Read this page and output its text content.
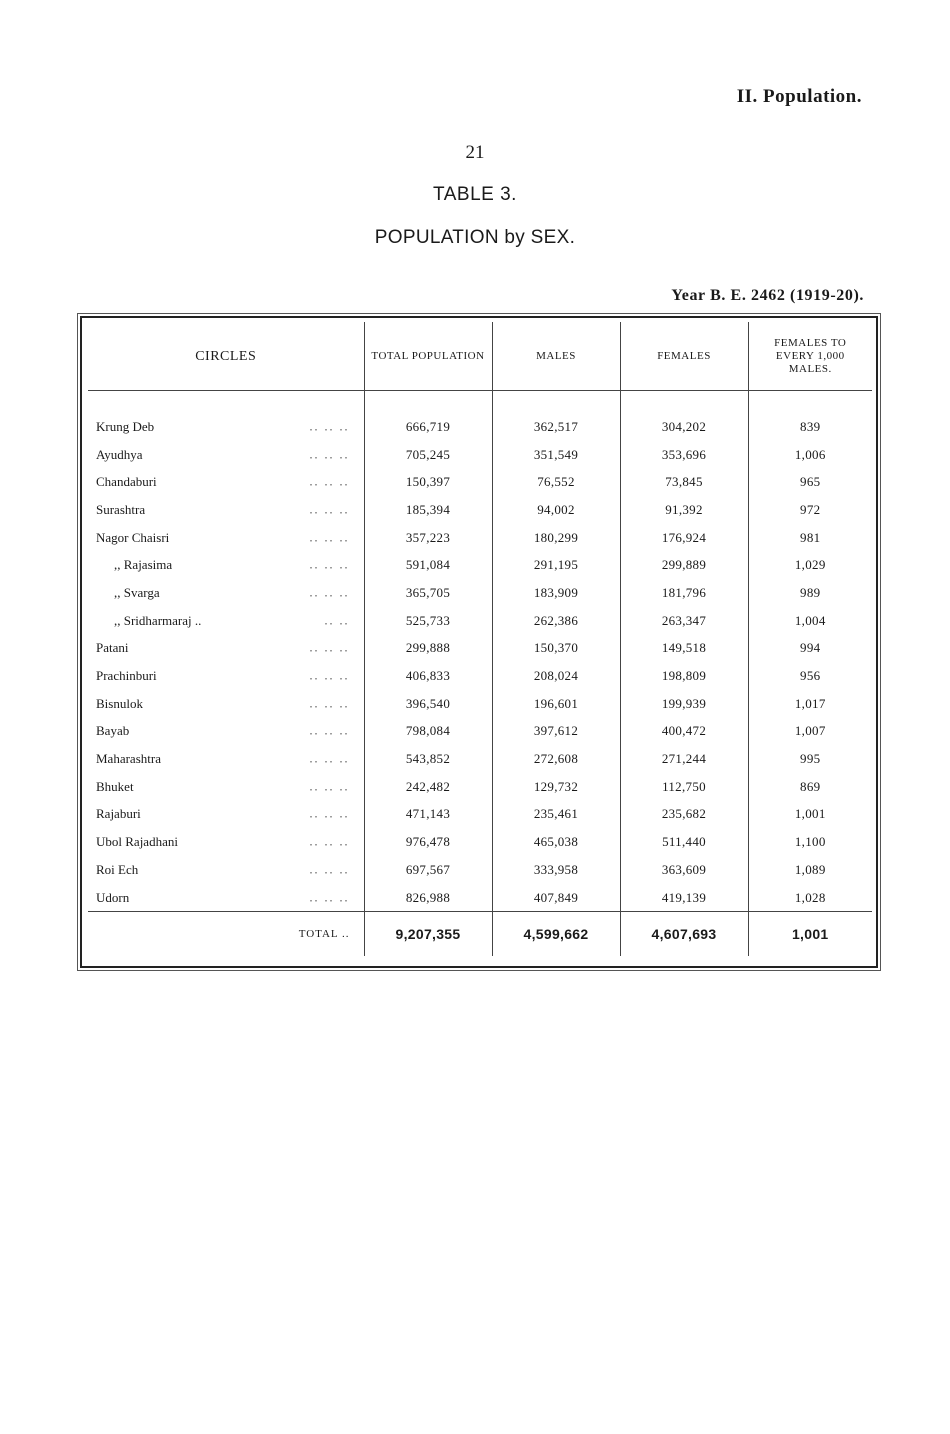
II. Population.
21
TABLE 3.
POPULATION by SEX.
Year B. E. 2462 (1919-20).
CIRCLES	TOTAL POPULATION	MALES	FEMALES	FEMALES TO EVERY 1,000 MALES.

Krung Deb .. .. ..	666,719	362,517	304,202	839
Ayudhya .. .. ..	705,245	351,549	353,696	1,006
Chandaburi .. .. ..	150,397	76,552	73,845	965
Surashtra .. .. ..	185,394	94,002	91,392	972
Nagor Chaisri .. .. ..	357,223	180,299	176,924	981
,, Rajasima .. .. ..	591,084	291,195	299,889	1,029
,, Svarga .. .. ..	365,705	183,909	181,796	989
,, Sridharmaraj .. .. ..	525,733	262,386	263,347	1,004
Patani .. .. ..	299,888	150,370	149,518	994
Prachinburi .. .. ..	406,833	208,024	198,809	956
Bisnulok .. .. ..	396,540	196,601	199,939	1,017
Bayab .. .. ..	798,084	397,612	400,472	1,007
Maharashtra .. .. ..	543,852	272,608	271,244	995
Bhuket .. .. ..	242,482	129,732	112,750	869
Rajaburi .. .. ..	471,143	235,461	235,682	1,001
Ubol Rajadhani .. .. ..	976,478	465,038	511,440	1,100
Roi Ech .. .. ..	697,567	333,958	363,609	1,089
Udorn .. .. ..	826,988	407,849	419,139	1,028
TOTAL ..	9,207,355	4,599,662	4,607,693	1,001
